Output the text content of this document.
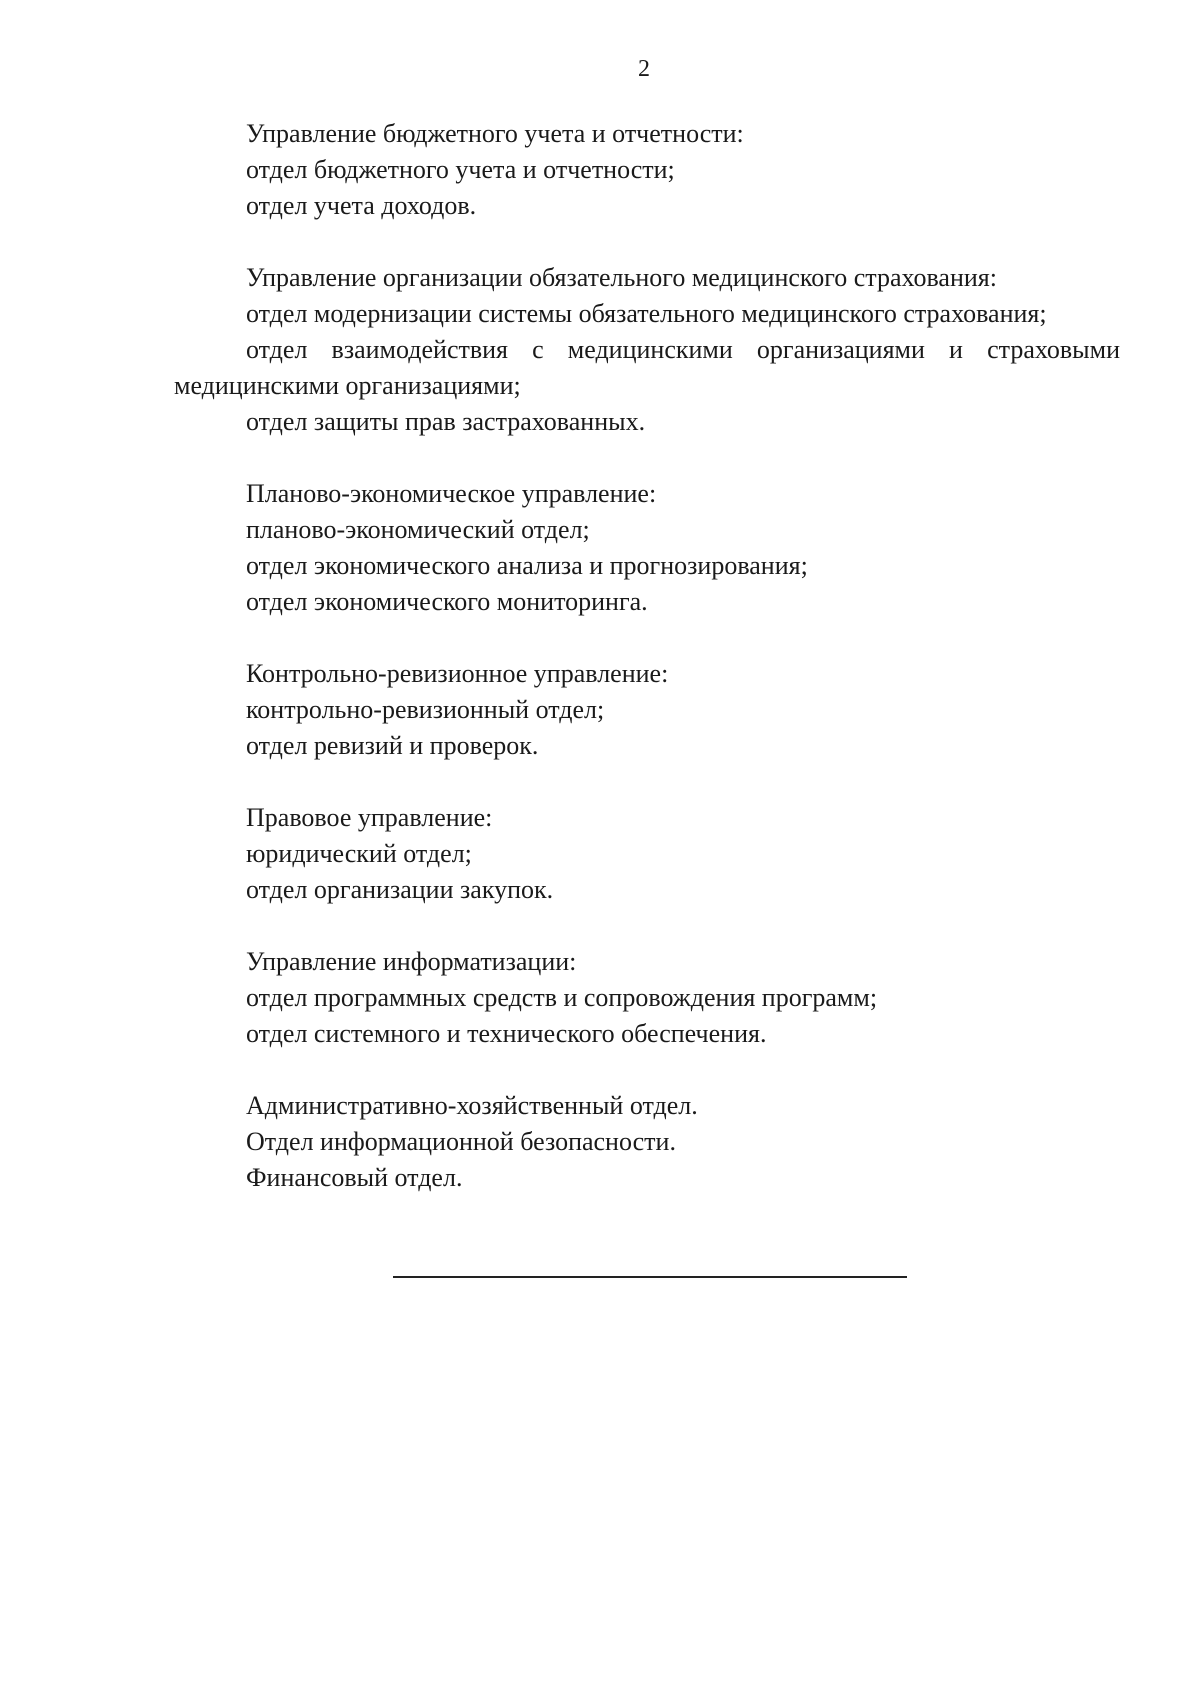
2
Управление бюджетного учета и отчетности:
отдел бюджетного учета и отчетности;
отдел учета доходов.
Управление организации обязательного медицинского страхования:
отдел модернизации системы обязательного медицинского страхования;
отдел взаимодействия с медицинскими организациями и страховыми
медицинскими организациями;
отдел защиты прав застрахованных.
Планово-экономическое управление:
планово-экономический отдел;
отдел экономического анализа и прогнозирования;
отдел экономического мониторинга.
Контрольно-ревизионное управление:
контрольно-ревизионный отдел;
отдел ревизий и проверок.
Правовое управление:
юридический отдел;
отдел организации закупок.
Управление информатизации:
отдел программных средств и сопровождения программ;
отдел системного и технического обеспечения.
Административно-хозяйственный отдел.
Отдел информационной безопасности.
Финансовый отдел.
